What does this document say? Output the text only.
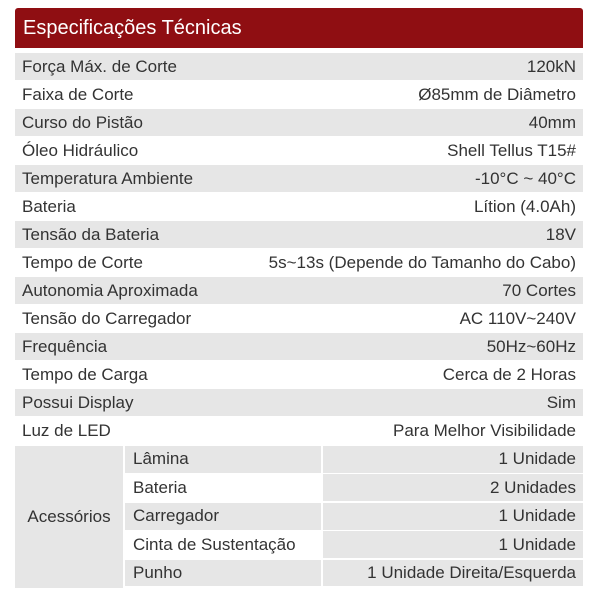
Especificações Técnicas
Força Máx. de Corte	120kN
Faixa de Corte	Ø85mm de Diâmetro
Curso do Pistão	40mm
Óleo Hidráulico	Shell Tellus T15#
Temperatura Ambiente	-10°C ~ 40°C
Bateria	Lítion (4.0Ah)
Tensão da Bateria	18V
Tempo de Corte	5s~13s (Depende do Tamanho do Cabo)
Autonomia Aproximada	70 Cortes
Tensão do Carregador	AC 110V~240V
Frequência	50Hz~60Hz
Tempo de Carga	Cerca de 2 Horas
Possui Display	Sim
Luz de LED	Para Melhor Visibilidade
Acessórios
Lâmina	1 Unidade
Bateria	2 Unidades
Carregador	1 Unidade
Cinta de Sustentação	1 Unidade
Punho	1 Unidade Direita/Esquerda
